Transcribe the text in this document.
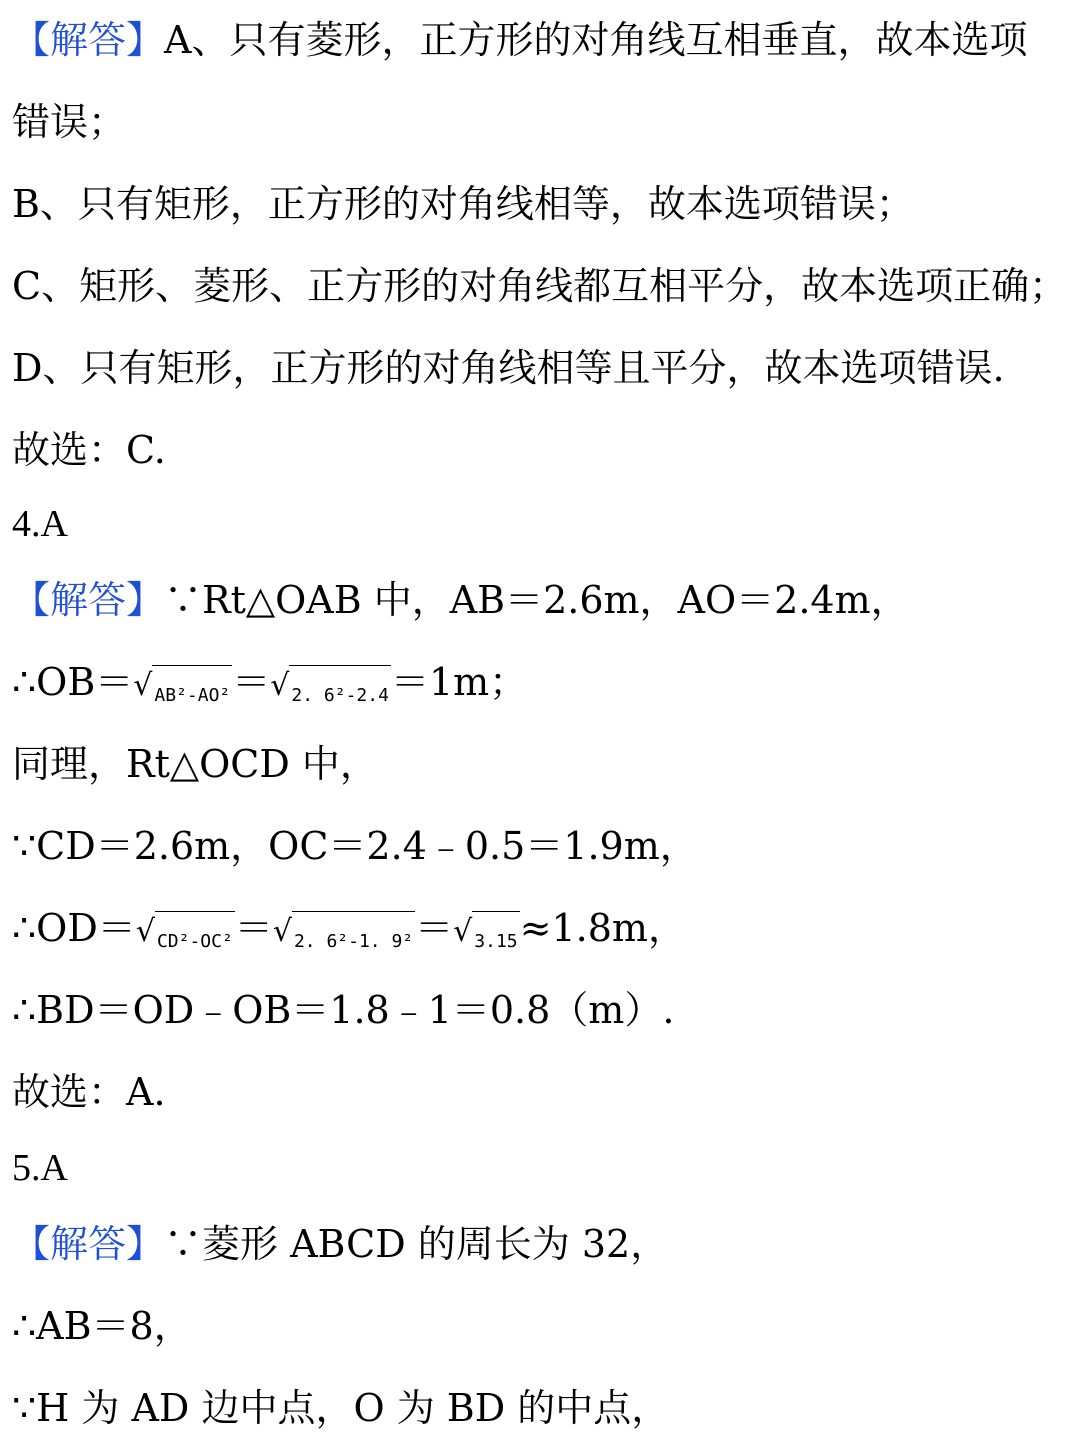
【解答】A、只有菱形，正方形的对角线互相垂直，故本选项
错误；
B、只有矩形，正方形的对角线相等，故本选项错误；
C、矩形、菱形、正方形的对角线都互相平分，故本选项正确；
D、只有矩形，正方形的对角线相等且平分，故本选项错误.
故选：C.
4.A
【解答】∵Rt△OAB 中，AB＝2.6m，AO＝2.4m，
∴OB＝√ AB²-AO²＝√ 2. 6²-2.4＝1m；
同理，Rt△OCD 中，
∵CD＝2.6m，OC＝2.4﹣0.5＝1.9m，
∴OD＝√ CD²-OC²＝√ 2. 6²-1. 9²＝√ 3.15≈1.8m，
∴BD＝OD﹣OB＝1.8﹣1＝0.8（m）.
故选：A.
5.A
【解答】∵菱形 ABCD 的周长为 32，
∴AB＝8，
∵H 为 AD 边中点，O 为 BD 的中点，
